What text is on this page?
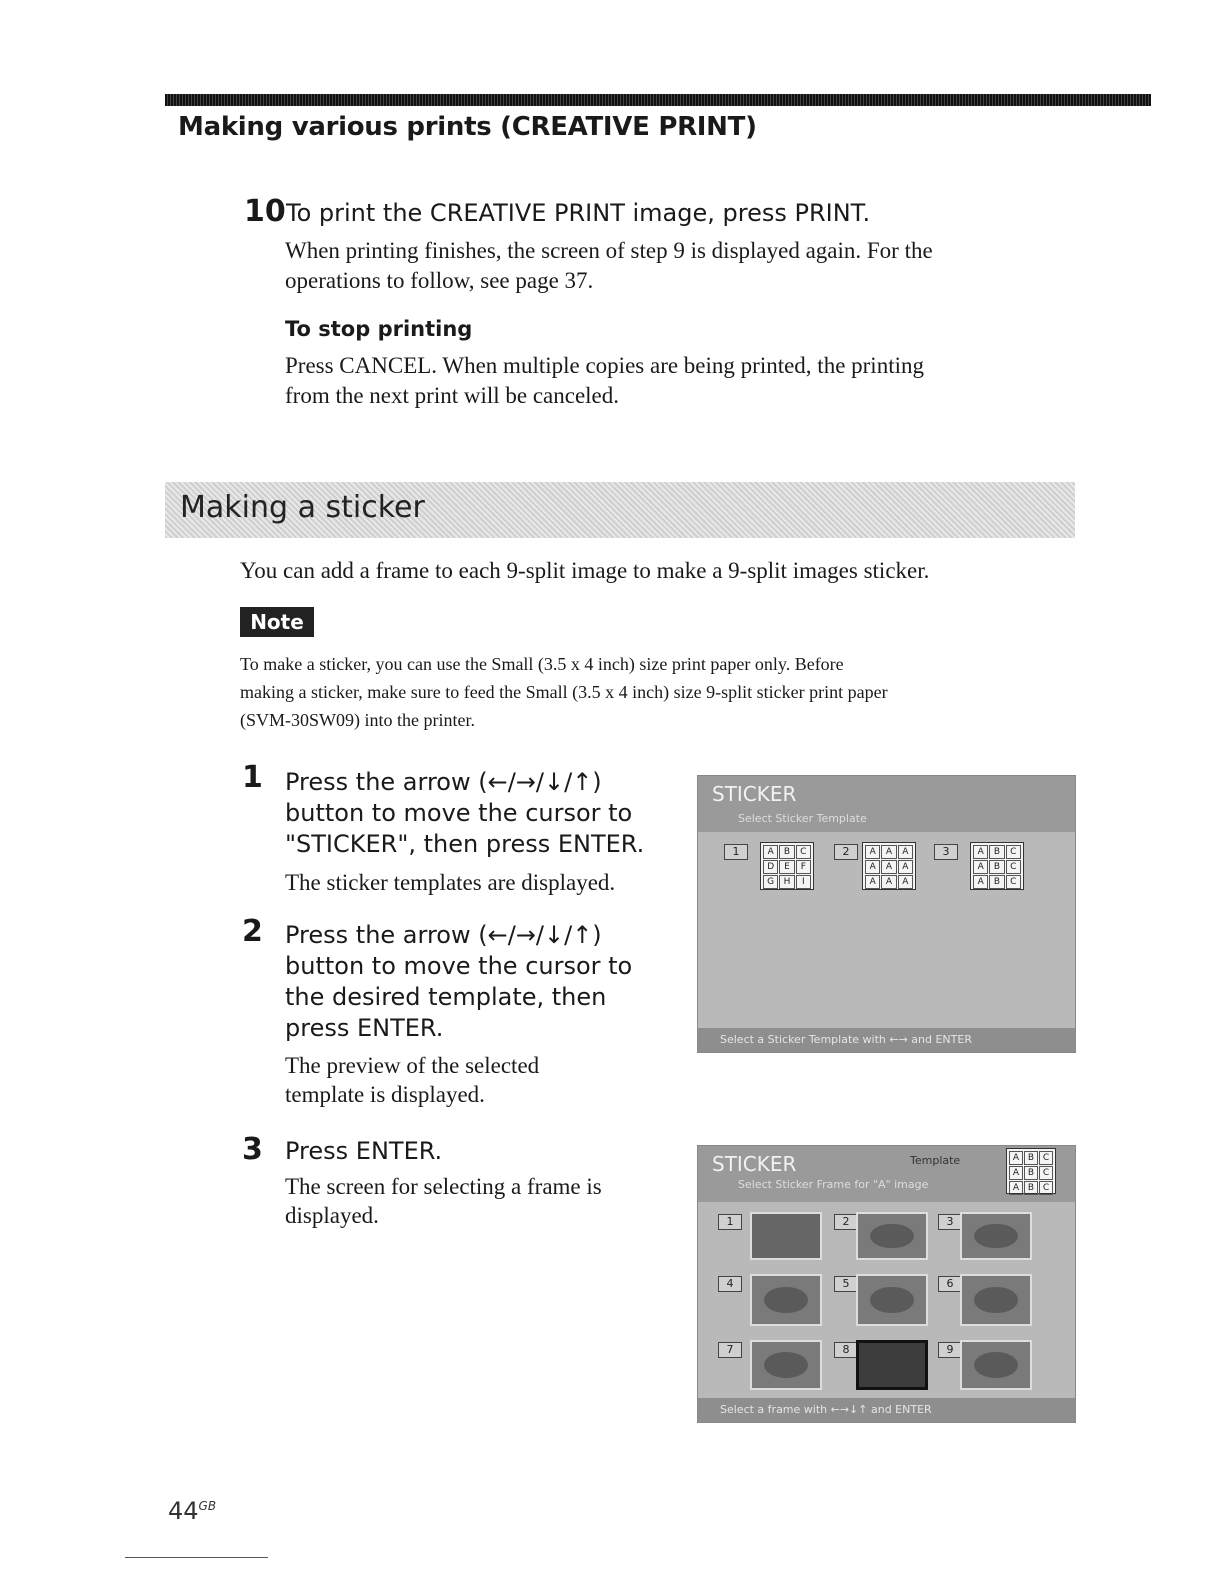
Making various prints (CREATIVE PRINT)
10 To print the CREATIVE PRINT image, press PRINT.
When printing finishes, the screen of step 9 is displayed again. For the
operations to follow, see page 37.
To stop printing
Press CANCEL. When multiple copies are being printed, the printing
from the next print will be canceled.
Making a sticker
You can add a frame to each 9-split image to make a 9-split images sticker.
Note
To make a sticker, you can use the Small (3.5 x 4 inch) size print paper only. Before
making a sticker, make sure to feed the Small (3.5 x 4 inch) size 9-split sticker print paper
(SVM-30SW09) into the printer.
1 Press the arrow (←/→/↓/↑)
button to move the cursor to
"STICKER", then press ENTER.
The sticker templates are displayed.
2 Press the arrow (←/→/↓/↑)
button to move the cursor to
the desired template, then
press ENTER.
The preview of the selected
template is displayed.
3 Press ENTER.
The screen for selecting a frame is
displayed.
STICKER
Select Sticker Template
1	A	B	C
D	E	F
G	H	I
2	A	A	A
A	A	A
A	A	A
3	A	B	C
A	B	C
A	B	C
Select a Sticker Template with ←→ and ENTER
STICKER
Select Sticker Frame for "A" image
Template	A B C
A B C
A B C
1	2	3
4	5	6
7	8	9
Select a frame with ←→↓↑ and ENTER
$44^{GB}$
